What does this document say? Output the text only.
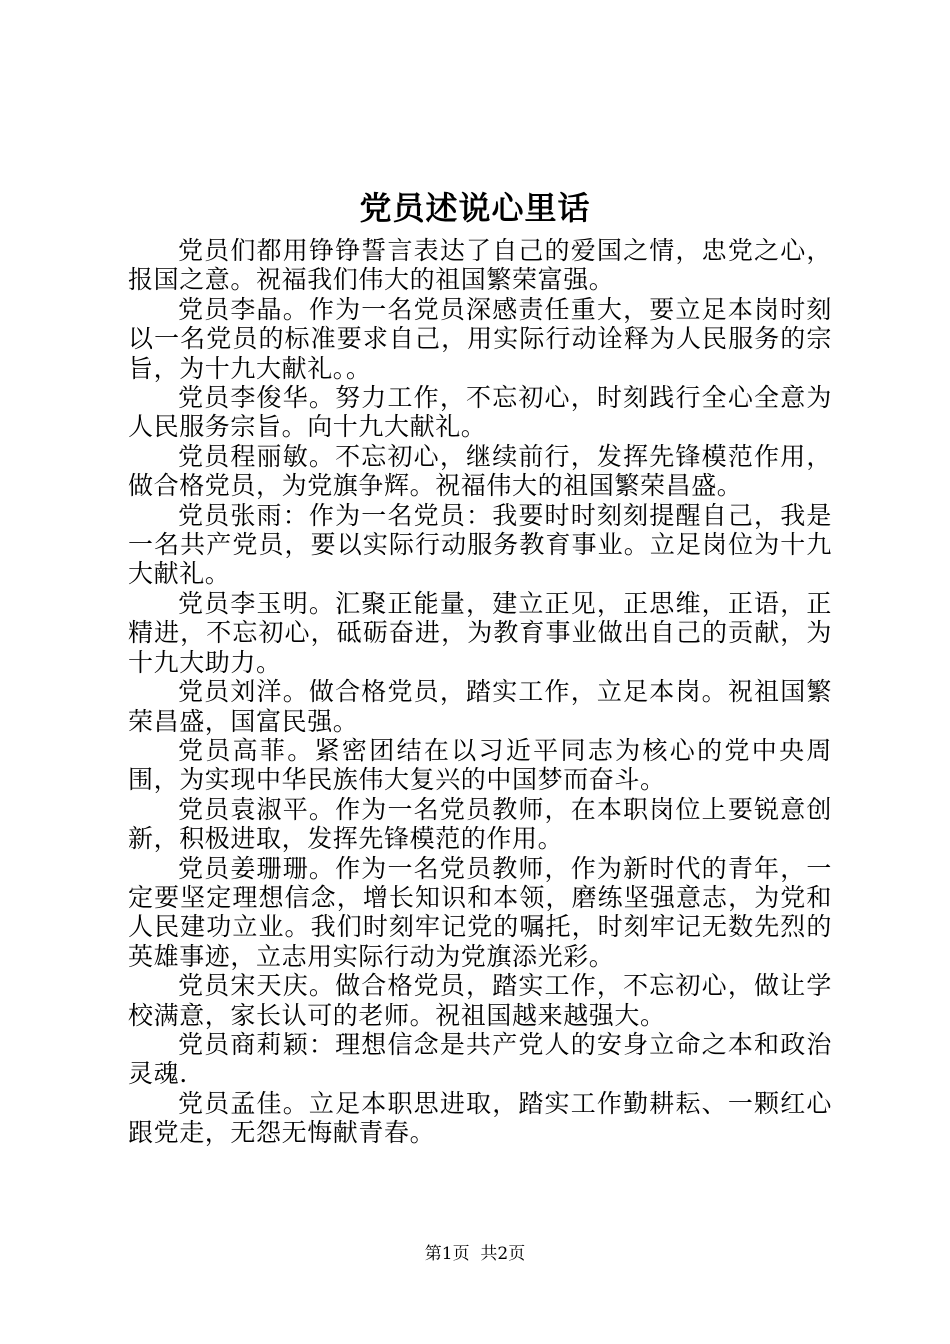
党员述说心里话

党员们都用铮铮誓言表达了自己的爱国之情，忠党之心，报国之意。祝福我们伟大的祖国繁荣富强。

党员李晶。作为一名党员深感责任重大，要立足本岗时刻以一名党员的标准要求自己，用实际行动诠释为人民服务的宗旨，为十九大献礼。。

党员李俊华。努力工作，不忘初心，时刻践行全心全意为人民服务宗旨。向十九大献礼。

党员程丽敏。不忘初心，继续前行，发挥先锋模范作用，做合格党员，为党旗争辉。祝福伟大的祖国繁荣昌盛。

党员张雨：作为一名党员：我要时时刻刻提醒自己，我是一名共产党员，要以实际行动服务教育事业。立足岗位为十九大献礼。

党员李玉明。汇聚正能量，建立正见，正思维，正语，正精进，不忘初心，砥砺奋进，为教育事业做出自己的贡献，为十九大助力。

党员刘洋。做合格党员，踏实工作，立足本岗。祝祖国繁荣昌盛，国富民强。

党员高菲。紧密团结在以习近平同志为核心的党中央周围，为实现中华民族伟大复兴的中国梦而奋斗。

党员袁淑平。作为一名党员教师，在本职岗位上要锐意创新，积极进取，发挥先锋模范的作用。

党员姜珊珊。作为一名党员教师，作为新时代的青年，一定要坚定理想信念，增长知识和本领，磨练坚强意志，为党和人民建功立业。我们时刻牢记党的嘱托，时刻牢记无数先烈的英雄事迹，立志用实际行动为党旗添光彩。

党员宋天庆。做合格党员，踏实工作，不忘初心，做让学校满意，家长认可的老师。祝祖国越来越强大。

党员商莉颖：理想信念是共产党人的安身立命之本和政治灵魂.

党员孟佳。立足本职思进取，踏实工作勤耕耘、一颗红心跟党走，无怨无悔献青春。

第1页 共2页
